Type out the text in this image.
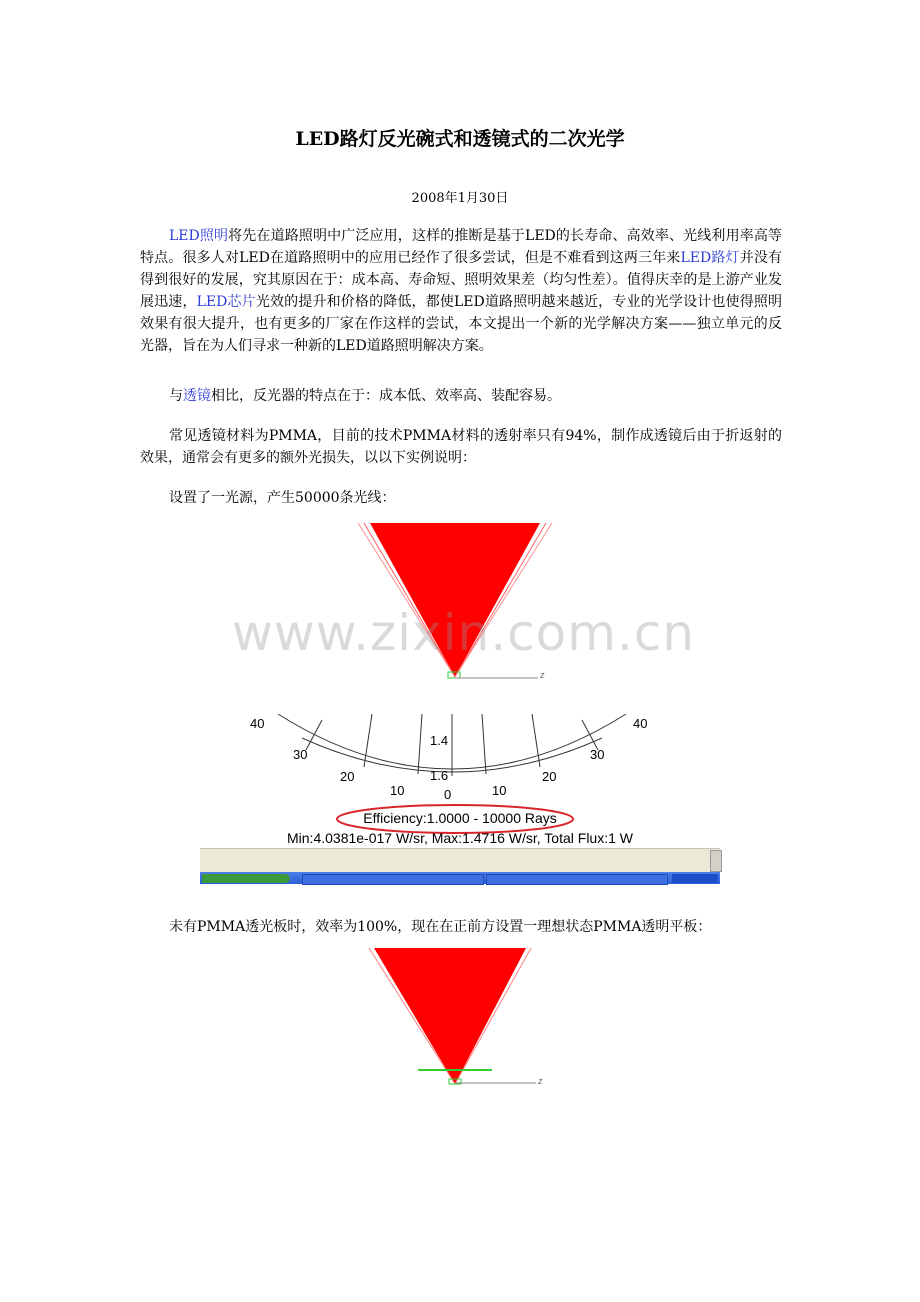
LED路灯反光碗式和透镜式的二次光学
2008年1月30日

LED照明将先在道路照明中广泛应用，这样的推断是基于LED的长寿命、高效率、光线利用率高等特点。很多人对LED在道路照明中的应用已经作了很多尝试，但是不难看到这两三年来LED路灯并没有得到很好的发展，究其原因在于：成本高、寿命短、照明效果差（均匀性差）。值得庆幸的是上游产业发展迅速，LED芯片光效的提升和价格的降低，都使LED道路照明越来越近，专业的光学设计也使得照明效果有很大提升，也有更多的厂家在作这样的尝试，本文提出一个新的光学解决方案——独立单元的反光器，旨在为人们寻求一种新的LED道路照明解决方案。

与透镜相比，反光器的特点在于：成本低、效率高、装配容易。

常见透镜材料为PMMA，目前的技术PMMA材料的透射率只有94%，制作成透镜后由于折返射的效果，通常会有更多的额外光损失，以以下实例说明：

设置了一光源，产生50000条光线：

z
www.zixin.com.cn
1.4
1.6
40
30
20
10	0	10
20
30
40
Efficiency:1.0000 - 10000 Rays
Min:4.0381e-017 W/sr, Max:1.4716 W/sr, Total Flux:1 W

未有PMMA透光板时，效率为100%，现在在正前方设置一理想状态PMMA透明平板：

z
